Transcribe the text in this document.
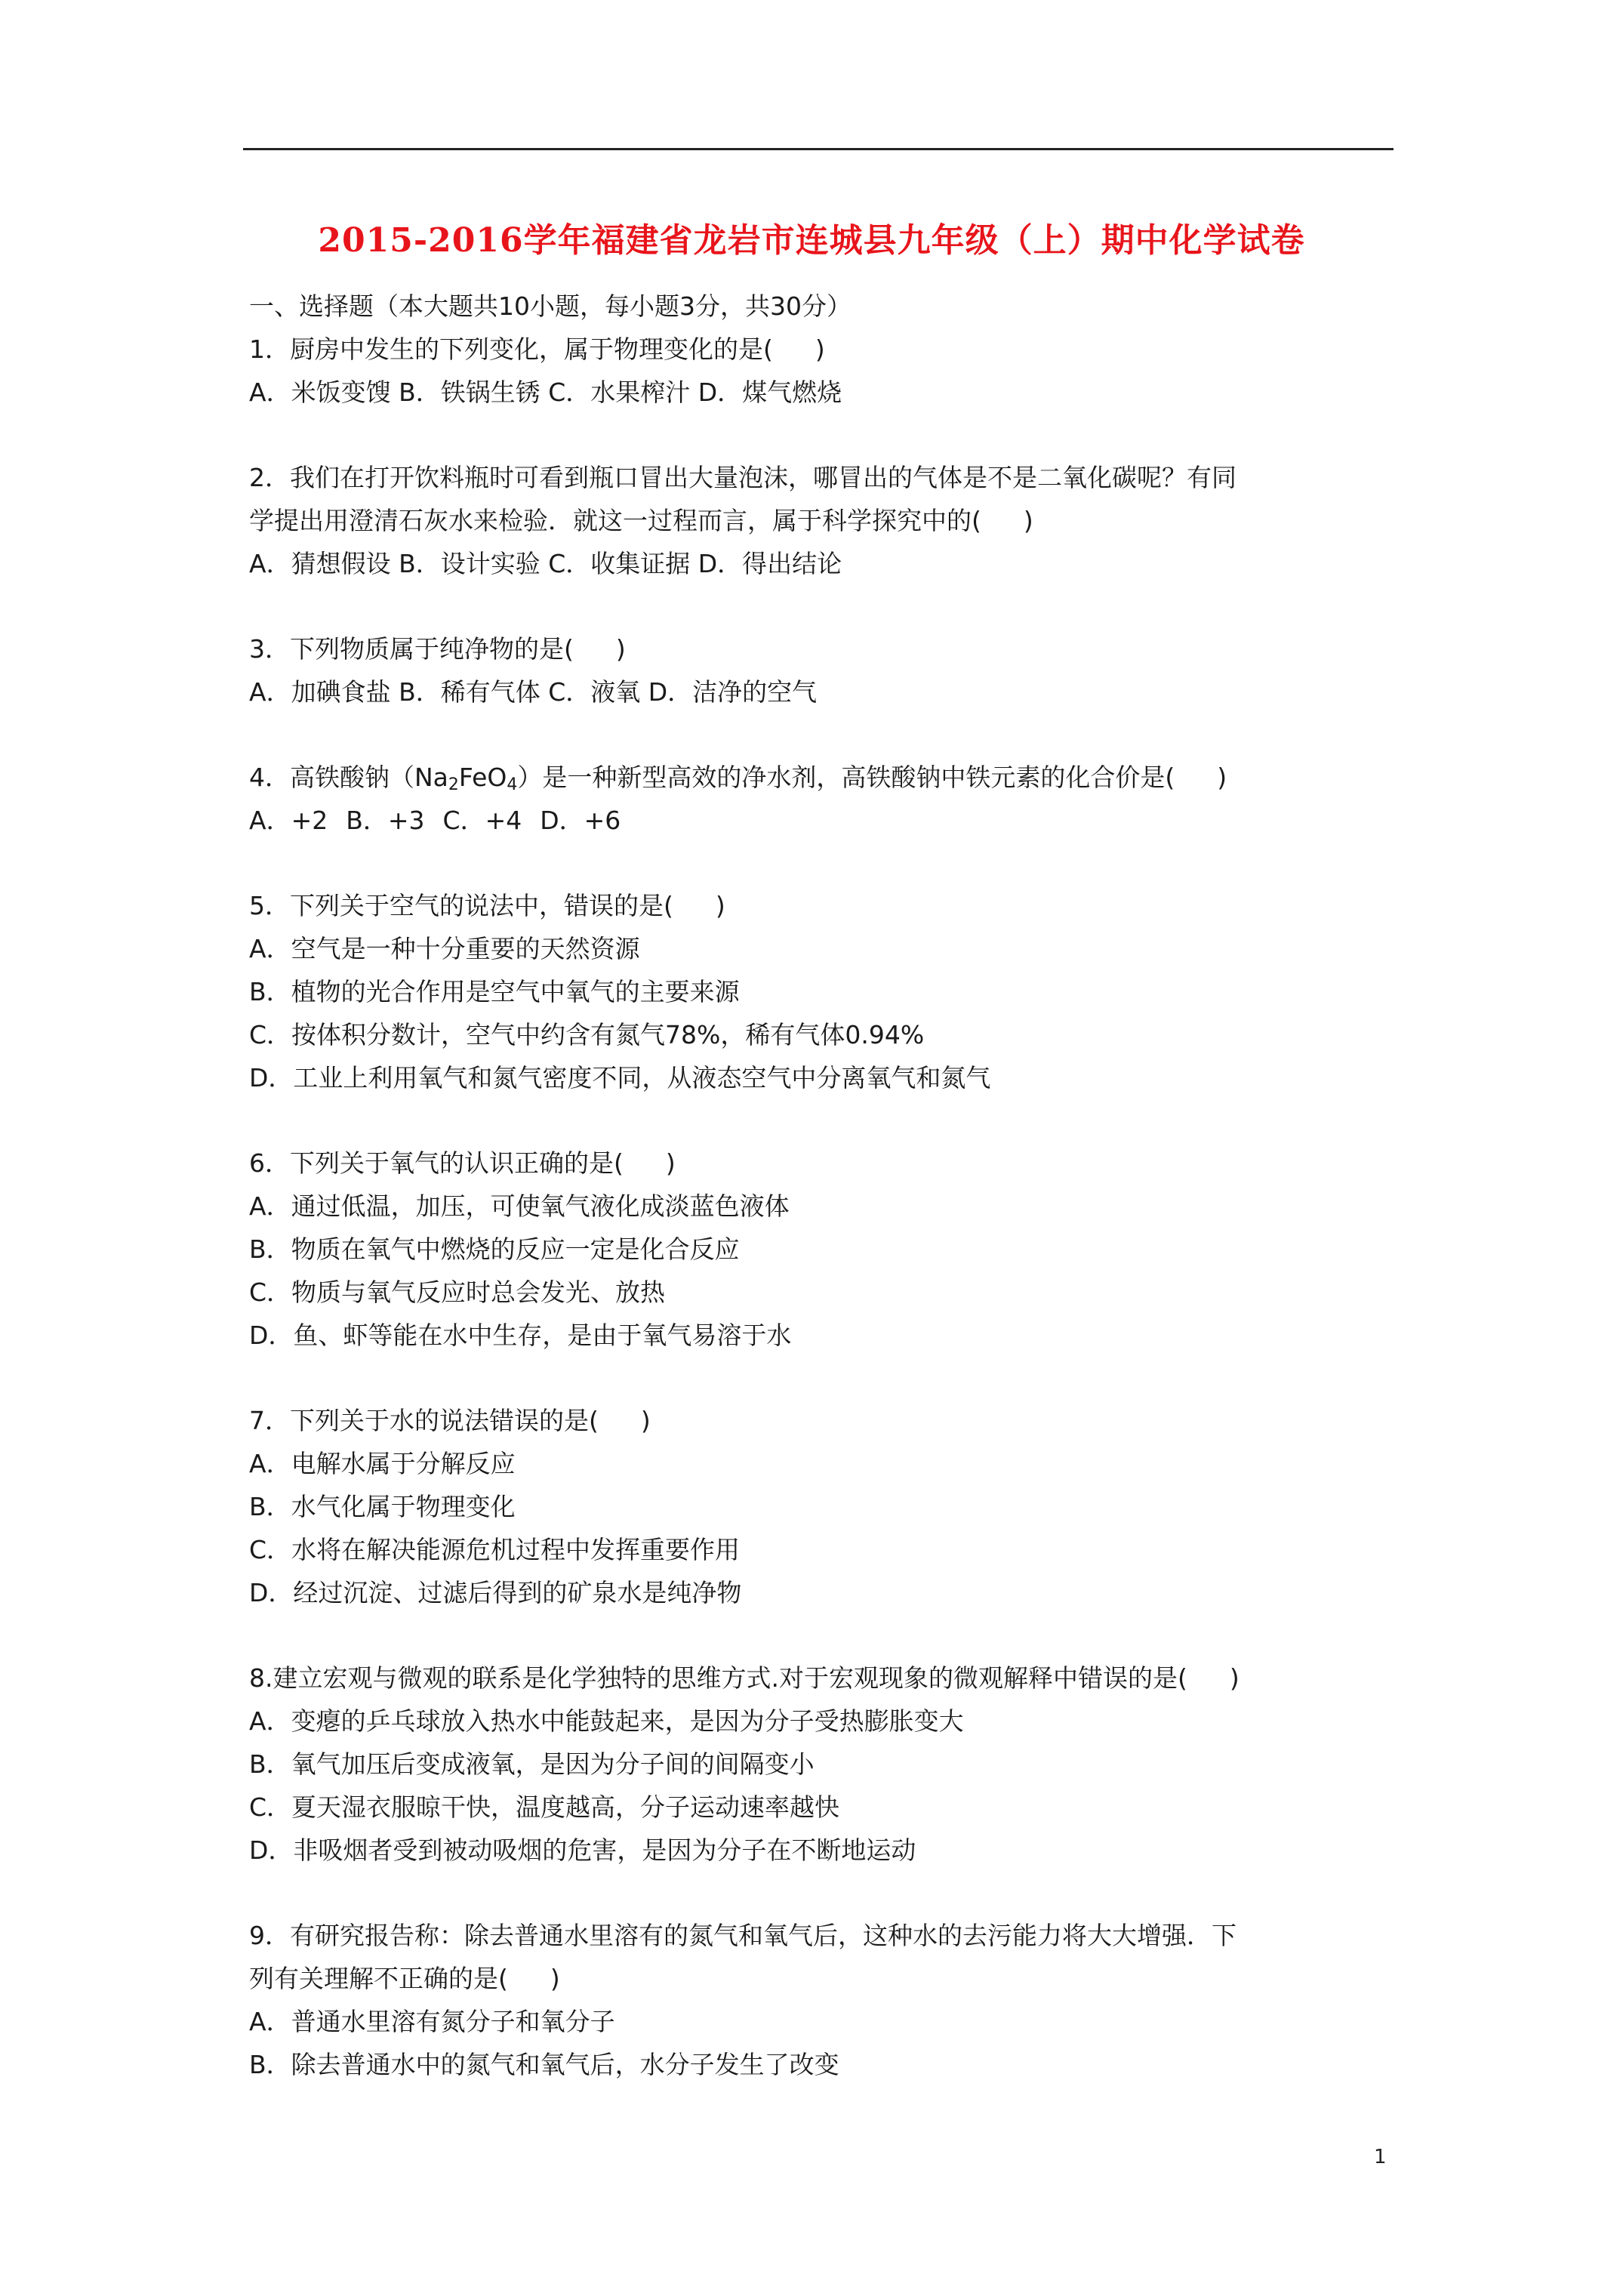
2015-2016学年福建省龙岩市连城县九年级（上）期中化学试卷
一、选择题（本大题共10小题，每小题3分，共30分）
1．厨房中发生的下列变化，属于物理变化的是( )
A．米饭变馊 B．铁锅生锈 C．水果榨汁 D．煤气燃烧
2．我们在打开饮料瓶时可看到瓶口冒出大量泡沫，哪冒出的气体是不是二氧化碳呢？有同
学提出用澄清石灰水来检验．就这一过程而言，属于科学探究中的( )
A．猜想假设 B．设计实验 C．收集证据 D．得出结论
3．下列物质属于纯净物的是( )
A．加碘食盐 B．稀有气体 C．液氧 D．洁净的空气
4．高铁酸钠$(Na_2FeO_4)$是一种新型高效的净水剂，高铁酸钠中铁元素的化合价是( )
A．+2 B．+3 C．+4 D．+6
5．下列关于空气的说法中，错误的是( )
A．空气是一种十分重要的天然资源
B．植物的光合作用是空气中氧气的主要来源
C．按体积分数计，空气中约含有氮气78%，稀有气体0.94%
D．工业上利用氧气和氮气密度不同，从液态空气中分离氧气和氮气
6．下列关于氧气的认识正确的是( )
A．通过低温，加压，可使氧气液化成淡蓝色液体
B．物质在氧气中燃烧的反应一定是化合反应
C．物质与氧气反应时总会发光、放热
D．鱼、虾等能在水中生存，是由于氧气易溶于水
7．下列关于水的说法错误的是( )
A．电解水属于分解反应
B．水气化属于物理变化
C．水将在解决能源危机过程中发挥重要作用
D．经过沉淀、过滤后得到的矿泉水是纯净物
8.建立宏观与微观的联系是化学独特的思维方式.对于宏观现象的微观解释中错误的是( )
A．变瘪的乒乓球放入热水中能鼓起来，是因为分子受热膨胀变大
B．氧气加压后变成液氧，是因为分子间的间隔变小
C．夏天湿衣服晾干快，温度越高，分子运动速率越快
D．非吸烟者受到被动吸烟的危害，是因为分子在不断地运动
9．有研究报告称：除去普通水里溶有的氮气和氧气后，这种水的去污能力将大大增强．下
列有关理解不正确的是( )
A．普通水里溶有氮分子和氧分子
B．除去普通水中的氮气和氧气后，水分子发生了改变
1
